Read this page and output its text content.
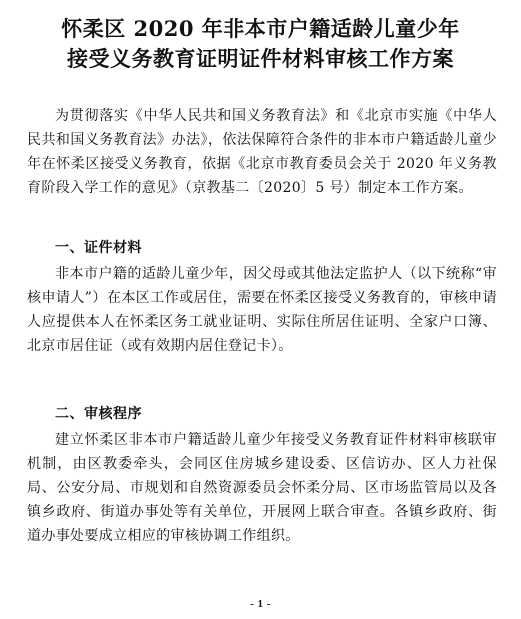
怀柔区 2020 年非本市户籍适龄儿童少年
接受义务教育证明证件材料审核工作方案

为贯彻落实《中华人民共和国义务教育法》和《北京市实施《中华人民共和国义务教育法》办法》，依法保障符合条件的非本市户籍适龄儿童少年在怀柔区接受义务教育，依据《北京市教育委员会关于 2020 年义务教育阶段入学工作的意见》（京教基二〔2020〕5 号）制定本工作方案。

一、证件材料

非本市户籍的适龄儿童少年，因父母或其他法定监护人（以下统称“审核申请人”）在本区工作或居住，需要在怀柔区接受义务教育的，审核申请人应提供本人在怀柔区务工就业证明、实际住所居住证明、全家户口簿、北京市居住证（或有效期内居住登记卡）。

二、审核程序

建立怀柔区非本市户籍适龄儿童少年接受义务教育证件材料审核联审机制，由区教委牵头，会同区住房城乡建设委、区信访办、区人力社保局、公安分局、市规划和自然资源委员会怀柔分局、区市场监管局以及各镇乡政府、街道办事处等有关单位，开展网上联合审查。各镇乡政府、街道办事处要成立相应的审核协调工作组织。

- 1 -
